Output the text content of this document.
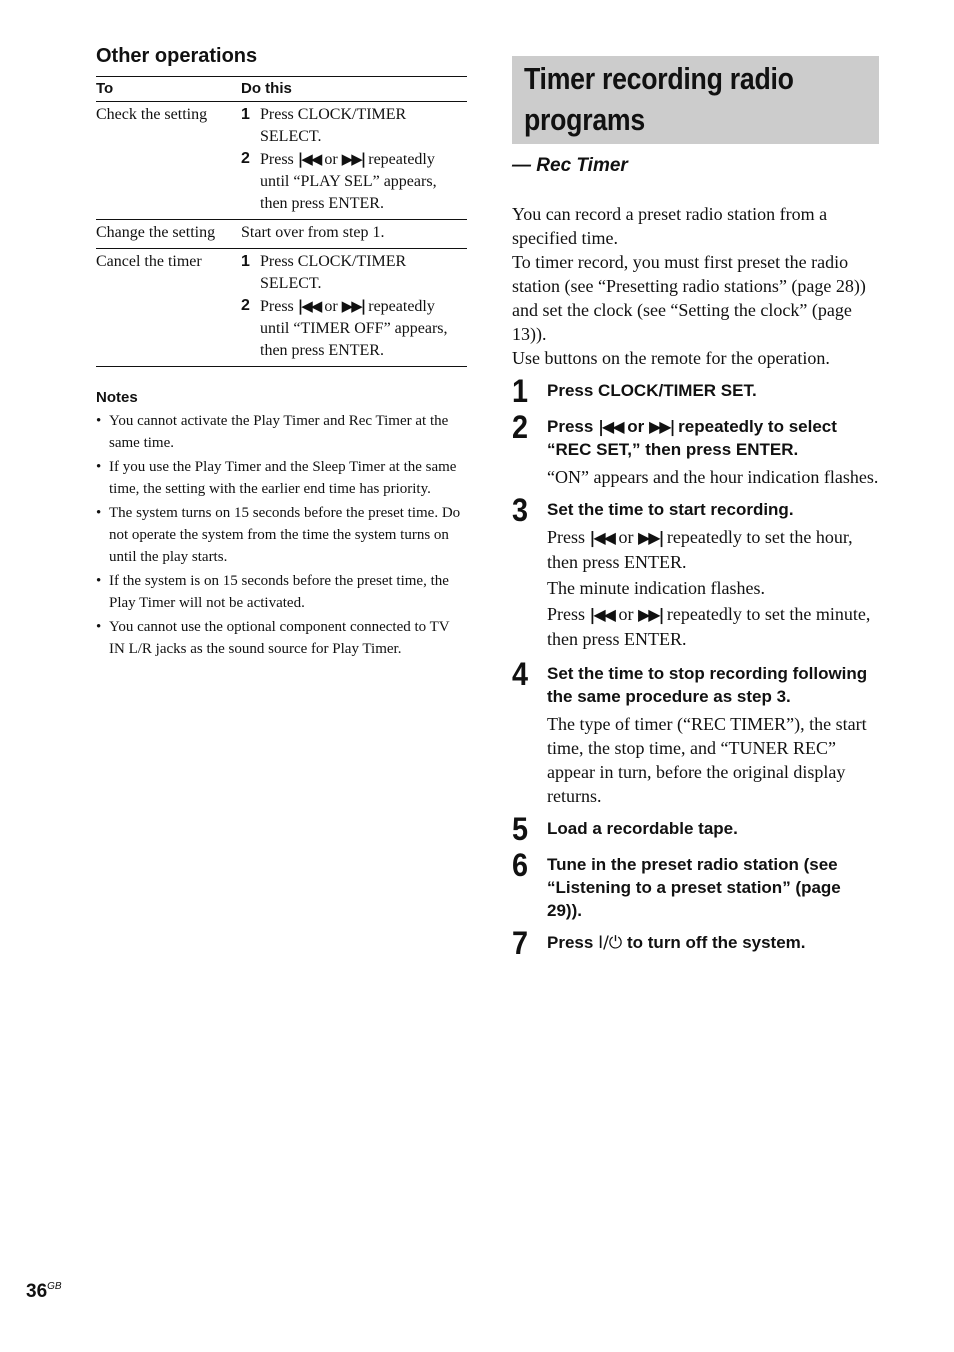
Other operations
To	Do this
Check the setting	1 Press CLOCK/TIMER SELECT.
2 Press |◀◀ or ▶▶| repeatedly until “PLAY SEL” appears, then press ENTER.

Change the setting	Start over from step 1.
Cancel the timer	1 Press CLOCK/TIMER SELECT.
2 Press |◀◀ or ▶▶| repeatedly until “TIMER OFF” appears, then press ENTER.
Notes
• You cannot activate the Play Timer and Rec Timer at the same time.
• If you use the Play Timer and the Sleep Timer at the same time, the setting with the earlier end time has priority.
• The system turns on 15 seconds before the preset time. Do not operate the system from the time the system turns on until the play starts.
• If the system is on 15 seconds before the preset time, the Play Timer will not be activated.
• You cannot use the optional component connected to TV IN L/R jacks as the sound source for Play Timer.
Timer recording radio programs
— Rec Timer

You can record a preset radio station from a specified time.

To timer record, you must first preset the radio station (see “Presetting radio stations” (page 28)) and set the clock (see “Setting the clock” (page 13)).

Use buttons on the remote for the operation.

1	Press CLOCK/TIMER SET.
2	Press |◀◀ or ▶▶| repeatedly to select “REC SET,” then press ENTER.
“ON” appears and the hour indication flashes.
3	Set the time to start recording.

Press |◀◀ or ▶▶| repeatedly to set the hour, then press ENTER.

The minute indication flashes.

Press |◀◀ or ▶▶| repeatedly to set the minute, then press ENTER.

4	Set the time to stop recording following the same procedure as step 3.
The type of timer (“REC TIMER”), the start time, the stop time, and “TUNER REC” appear in turn, before the original display returns.
5	Load a recordable tape.
6	Tune in the preset radio station (see “Listening to a preset station” (page 29)).
7	Press I/⏻ to turn off the system.
$36^{GB}$
